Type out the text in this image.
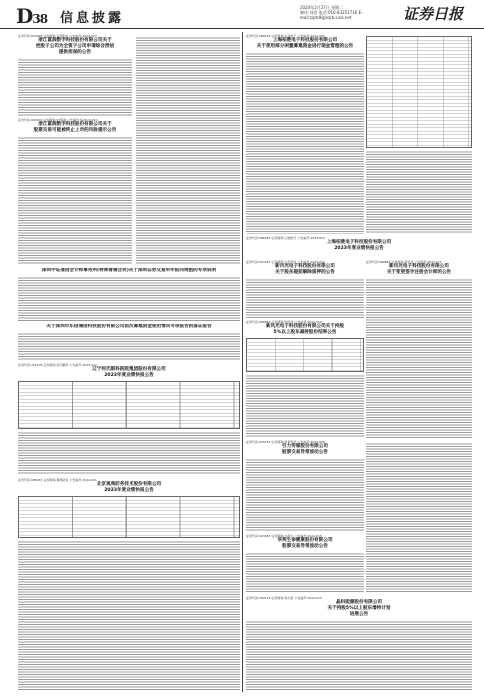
D38 信息披露
2024年2月27日 星期二
制作:刘蓓 电话:010-83251716 E-mail:zqrb9@zqrb.sina.net	证券日报
证券代码:603929 证券简称:亚翔集成 公告编号:2024-007
浙江富润数字科技股份有限公司关于
控股子公司为全资子公司申请综合授信
提供担保的公告
证券代码:600070 证券简称:ST富润 公告编号:临2024-010
浙江富润数字科技股份有限公司关于
股票交易可能被终止上市的风险提示公告
深圳中证准信会计师事务所(特殊普通合伙)关于深圳证券交易所年报问询函的专项说明
关于深圳市乐信通信科技股份有限公司前次募集资金使用情况专项报告的鉴证报告
证券代码:301103 证券简称:何氏眼科 公告编号:2024-012
辽宁何氏眼科医院集团股份有限公司
2023年度业绩快报公告
证券代码:688287 证券简称:观典防务 公告编号:2024-011
北京观典防务技术股份有限公司
2023年度业绩快报公告
证券代码:688183 证券简称:生益电子 公告编号:2024-009
上海柏楚电子科技股份有限公司
关于使用部分闲置募集资金进行现金管理的公告
证券代码:688016 证券简称:心脉医疗 公告编号:2024-014
上海柏楚电子科技股份有限公司
2023年度业绩快报公告
证券代码:603015 证券简称:弘讯科技 公告编号:2024-006
新风光电子科技股份有限公司
关于股东提前解除质押的公告
证券代码:688663 证券简称:新风光 公告编号:2024-010
新风光电子科技股份有限公司关于持股
5%以上股东减持股份结果公告
证券代码:688663 证券简称:新风光 公告编号:2024-011
新风光电子科技股份有限公司
关于变更签字注册会计师的公告
证券代码:600753 证券简称:庚星股份 公告编号:2024-008
引力传媒股份有限公司
股票交易异常波动公告
证券代码:603687 证券简称:大胜达 公告编号:2024-015
华邦生命健康股份有限公司
股票交易异常波动公告
证券代码:300116 证券简称:保力新 公告编号:2024-013
晶科能源股份有限公司
关于持股5%以上股东增持计划
进展公告
